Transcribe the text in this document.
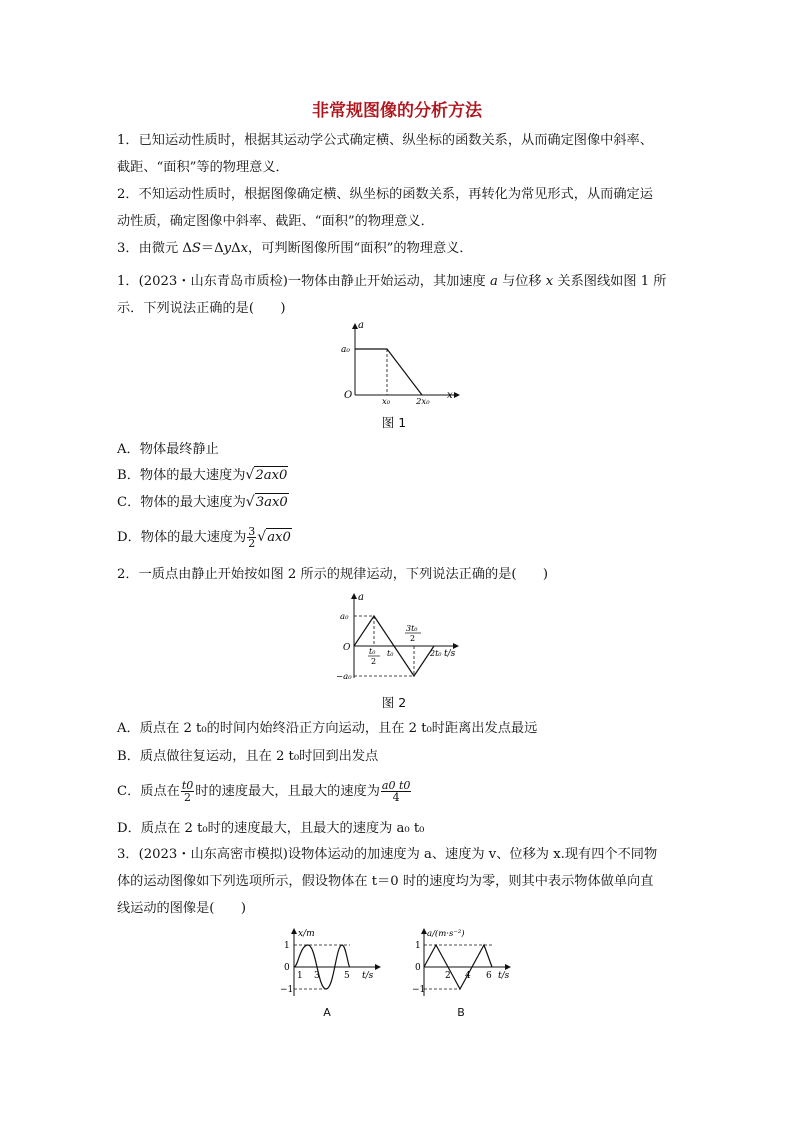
非常规图像的分析方法
1．已知运动性质时，根据其运动学公式确定横、纵坐标的函数关系，从而确定图像中斜率、
截距、“面积”等的物理意义．
2．不知运动性质时，根据图像确定横、纵坐标的函数关系，再转化为常见形式，从而确定运
动性质，确定图像中斜率、截距、“面积”的物理意义．
3．由微元 ΔS＝ΔyΔx，可判断图像所围“面积”的物理意义．
1．(2023・山东青岛市质检)一物体由静止开始运动，其加速度 a 与位移 x 关系图线如图 1 所示．下列说法正确的是(　　)
a
a₀
O
x₀	2x₀
x
图 1
A．物体最终静止
B．物体的最大速度为√2ax0
C．物体的最大速度为√3ax0
D．物体的最大速度为 $\frac{3}{2} √ax0$
2．一质点由静止开始按如图 2 所示的规律运动，下列说法正确的是(　　)
a
a₀
−a₀
O t₀
2
t₀
3t₀
2
2t₀ t/s
图 2
A．质点在 2 t₀的时间内始终沿正方向运动，且在 2 t₀时距离出发点最远
B．质点做往复运动，且在 2 t₀时回到出发点
C．质点在 $\frac{t0}{2}$ 时的速度最大，且最大的速度为 $\frac{a0 t0}{4}$
D．质点在 2 t₀时的速度最大，且最大的速度为 a₀ t₀
3．(2023・山东高密市模拟)设物体运动的加速度为 a、速度为 v、位移为 x.现有四个不同物
体的运动图像如下列选项所示，假设物体在 t＝0 时的速度均为零，则其中表示物体做单向直
线运动的图像是(　　)
x/m
1
0
−1
1 3	5 t/s
A
a/(m·s⁻²)
1
0
−1
2 4 6 t/s
B
